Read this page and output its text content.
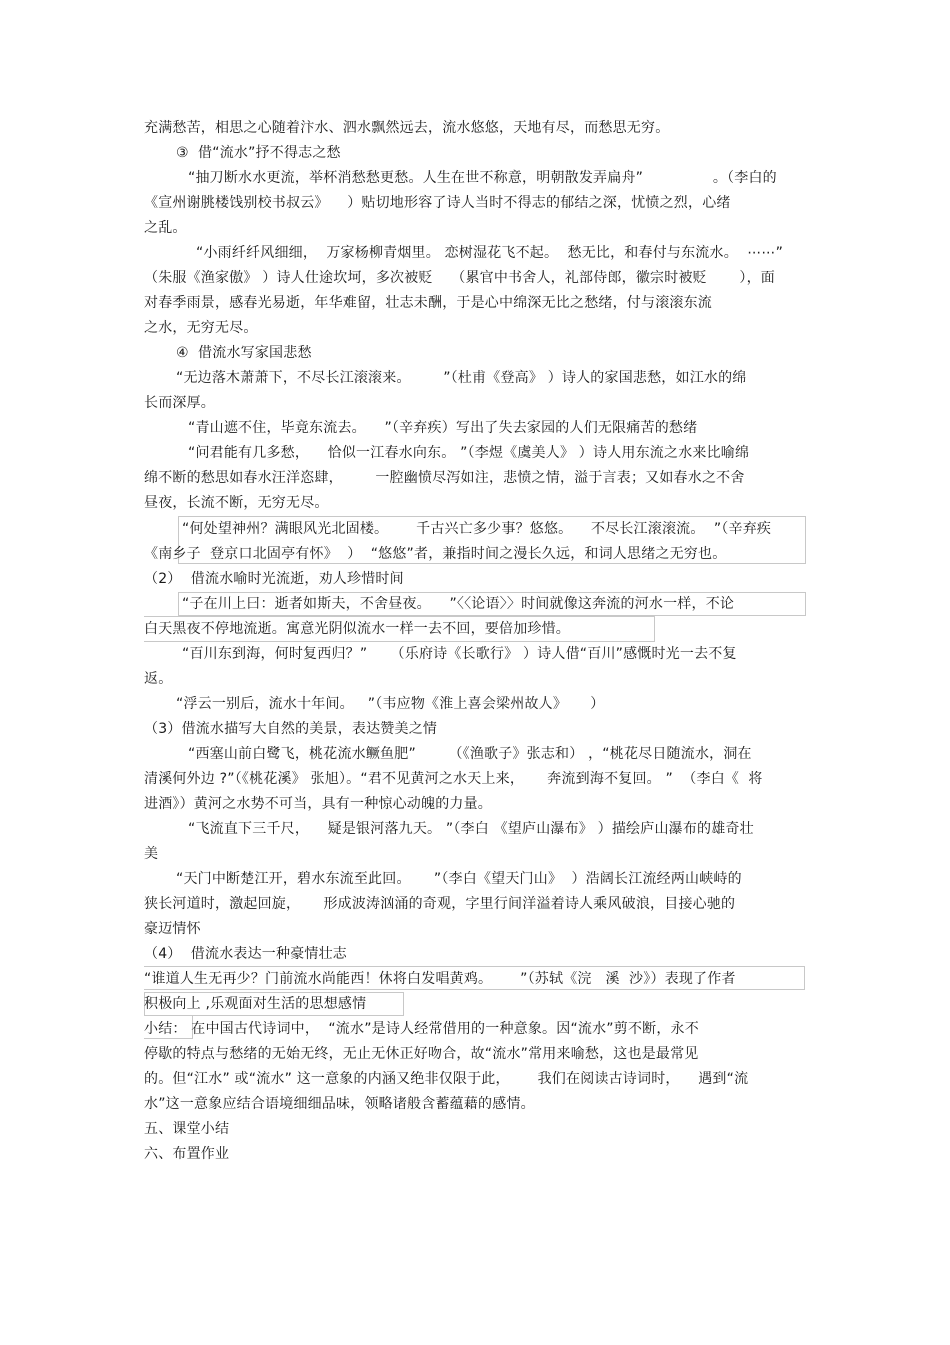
充满愁苦，相思之心随着汴水、泗水飘然远去，流水悠悠，天地有尽，而愁思无穷。
③  借“流水”抒不得志之愁
“抽刀断水水更流，举杯消愁愁更愁。人生在世不称意，明朝散发弄扁舟”               。（李白的
《宣州谢朓楼饯别校书叔云》    ）贴切地形容了诗人当时不得志的郁结之深，忧愤之烈，心绪
之乱。
“小雨纤纤风细细，  万家杨柳青烟里。 恋树湿花飞不起。  愁无比，和春付与东流水。  ⋯⋯”
（朱服《渔家傲》 ）诗人仕途坎坷，多次被贬    （累官中书舍人，礼部侍郎，徽宗时被贬       ），面
对春季雨景，感春光易逝，年华难留，壮志未酬，于是心中绵深无比之愁绪，付与滚滚东流
之水，无穷无尽。
④  借流水写家国悲愁
“无边落木萧萧下，不尽长江滚滚来。       ”（杜甫《登高》 ）诗人的家国悲愁，如江水的绵
长而深厚。
“青山遮不住，毕竟东流去。    ”（辛弃疾）写出了失去家园的人们无限痛苦的愁绪
“问君能有几多愁，    恰似一江春水向东。 ”（李煜《虞美人》 ）诗人用东流之水来比喻绵
绵不断的愁思如春水汪洋恣肆，       一腔幽愤尽泻如注，悲愤之情，溢于言表；又如春水之不舍
昼夜，长流不断，无穷无尽。
“何处望神州？满眼风光北固楼。      千古兴亡多少事？悠悠。    不尽长江滚滚流。  ”（辛弃疾
《南乡子  登京口北固亭有怀》  ）  “悠悠”者，兼指时间之漫长久远，和词人思绪之无穷也。
（2）  借流水喻时光流逝，劝人珍惜时间
“子在川上曰：逝者如斯夫，不舍昼夜。    ”〈〈论语〉〉时间就像这奔流的河水一样，不论
白天黑夜不停地流逝。寓意光阴似流水一样一去不回，要倍加珍惜。
“百川东到海，何时复西归？”     （乐府诗《长歌行》 ）诗人借“百川”感慨时光一去不复
返。
“浮云一别后，流水十年间。   ”（韦应物《淮上喜会梁州故人》     ）
（3）借流水描写大自然的美景，表达赞美之情
“西塞山前白鹭飞，桃花流水鳜鱼肥”       （《渔歌子》张志和） ，“桃花尽日随流水，洞在
清溪何外边 ?”（《桃花溪》 张旭）。“君不见黄河之水天上来，     奔流到海不复回。 ”  （李白《  将
进酒》）黄河之水势不可当，具有一种惊心动魄的力量。
“飞流直下三千尺，    疑是银河落九天。 ”（李白 《望庐山瀑布》 ）描绘庐山瀑布的雄奇壮
美
“天门中断楚江开，碧水东流至此回。     ”（李白《望天门山》  ）浩阔长江流经两山峡峙的
狭长河道时，激起回旋，     形成波涛汹涌的奇观，字里行间洋溢着诗人乘风破浪，目接心驰的
豪迈情怀
（4）  借流水表达一种豪情壮志
“谁道人生无再少？门前流水尚能西！休将白发唱黄鸡。      ”（苏轼《浣   溪  沙》）表现了作者
积极向上 ,乐观面对生活的思想感情
小结： 在中国古代诗词中，  “流水”是诗人经常借用的一种意象。因“流水”剪不断，永不
停歇的特点与愁绪的无始无终，无止无休正好吻合，故“流水”常用来喻愁，这也是最常见
的。但“江水” 或“流水” 这一意象的内涵又绝非仅限于此，      我们在阅读古诗词时，    遇到“流
水”这一意象应结合语境细细品味，领略诸般含蓄蕴藉的感情。
五、课堂小结
六、布置作业
